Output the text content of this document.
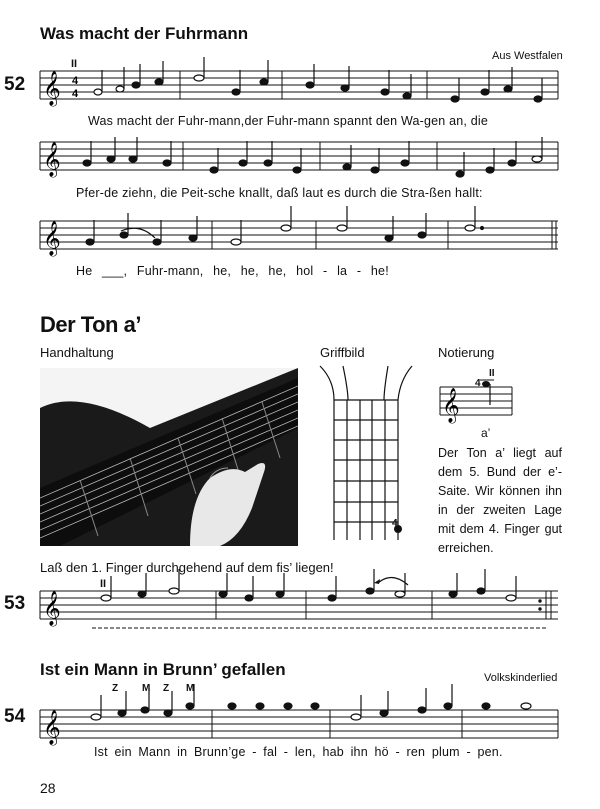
Was macht der Fuhrmann
Aus Westfalen
52
II
𝄞 4
4
𝄞
𝄞
𝄞
𝄞
𝄞
Was macht der Fuhr-mann,der Fuhr-mann spannt den Wa-gen an, die
Pfer-de ziehn, die Peit-sche knallt, daß laut es durch die Stra-ßen hallt:
He ___, Fuhr-mann, he, he, he, hol - la - he!
Der Ton a’
Handhaltung	Griffbild	Notierung
II
4
a’
4
Der Ton a’ liegt auf dem 5. Bund der e’-Saite. Wir können ihn in der zweiten Lage mit dem 4. Finger gut erreichen.
Laß den 1. Finger durchgehend auf dem fis’ liegen!
53
II
Ist ein Mann in Brunn’ gefallen	Volkskinderlied
Z M Z M
54
Ist ein Mann in Brunn’ge - fal - len, hab ihn hö - ren plum - pen.
28
